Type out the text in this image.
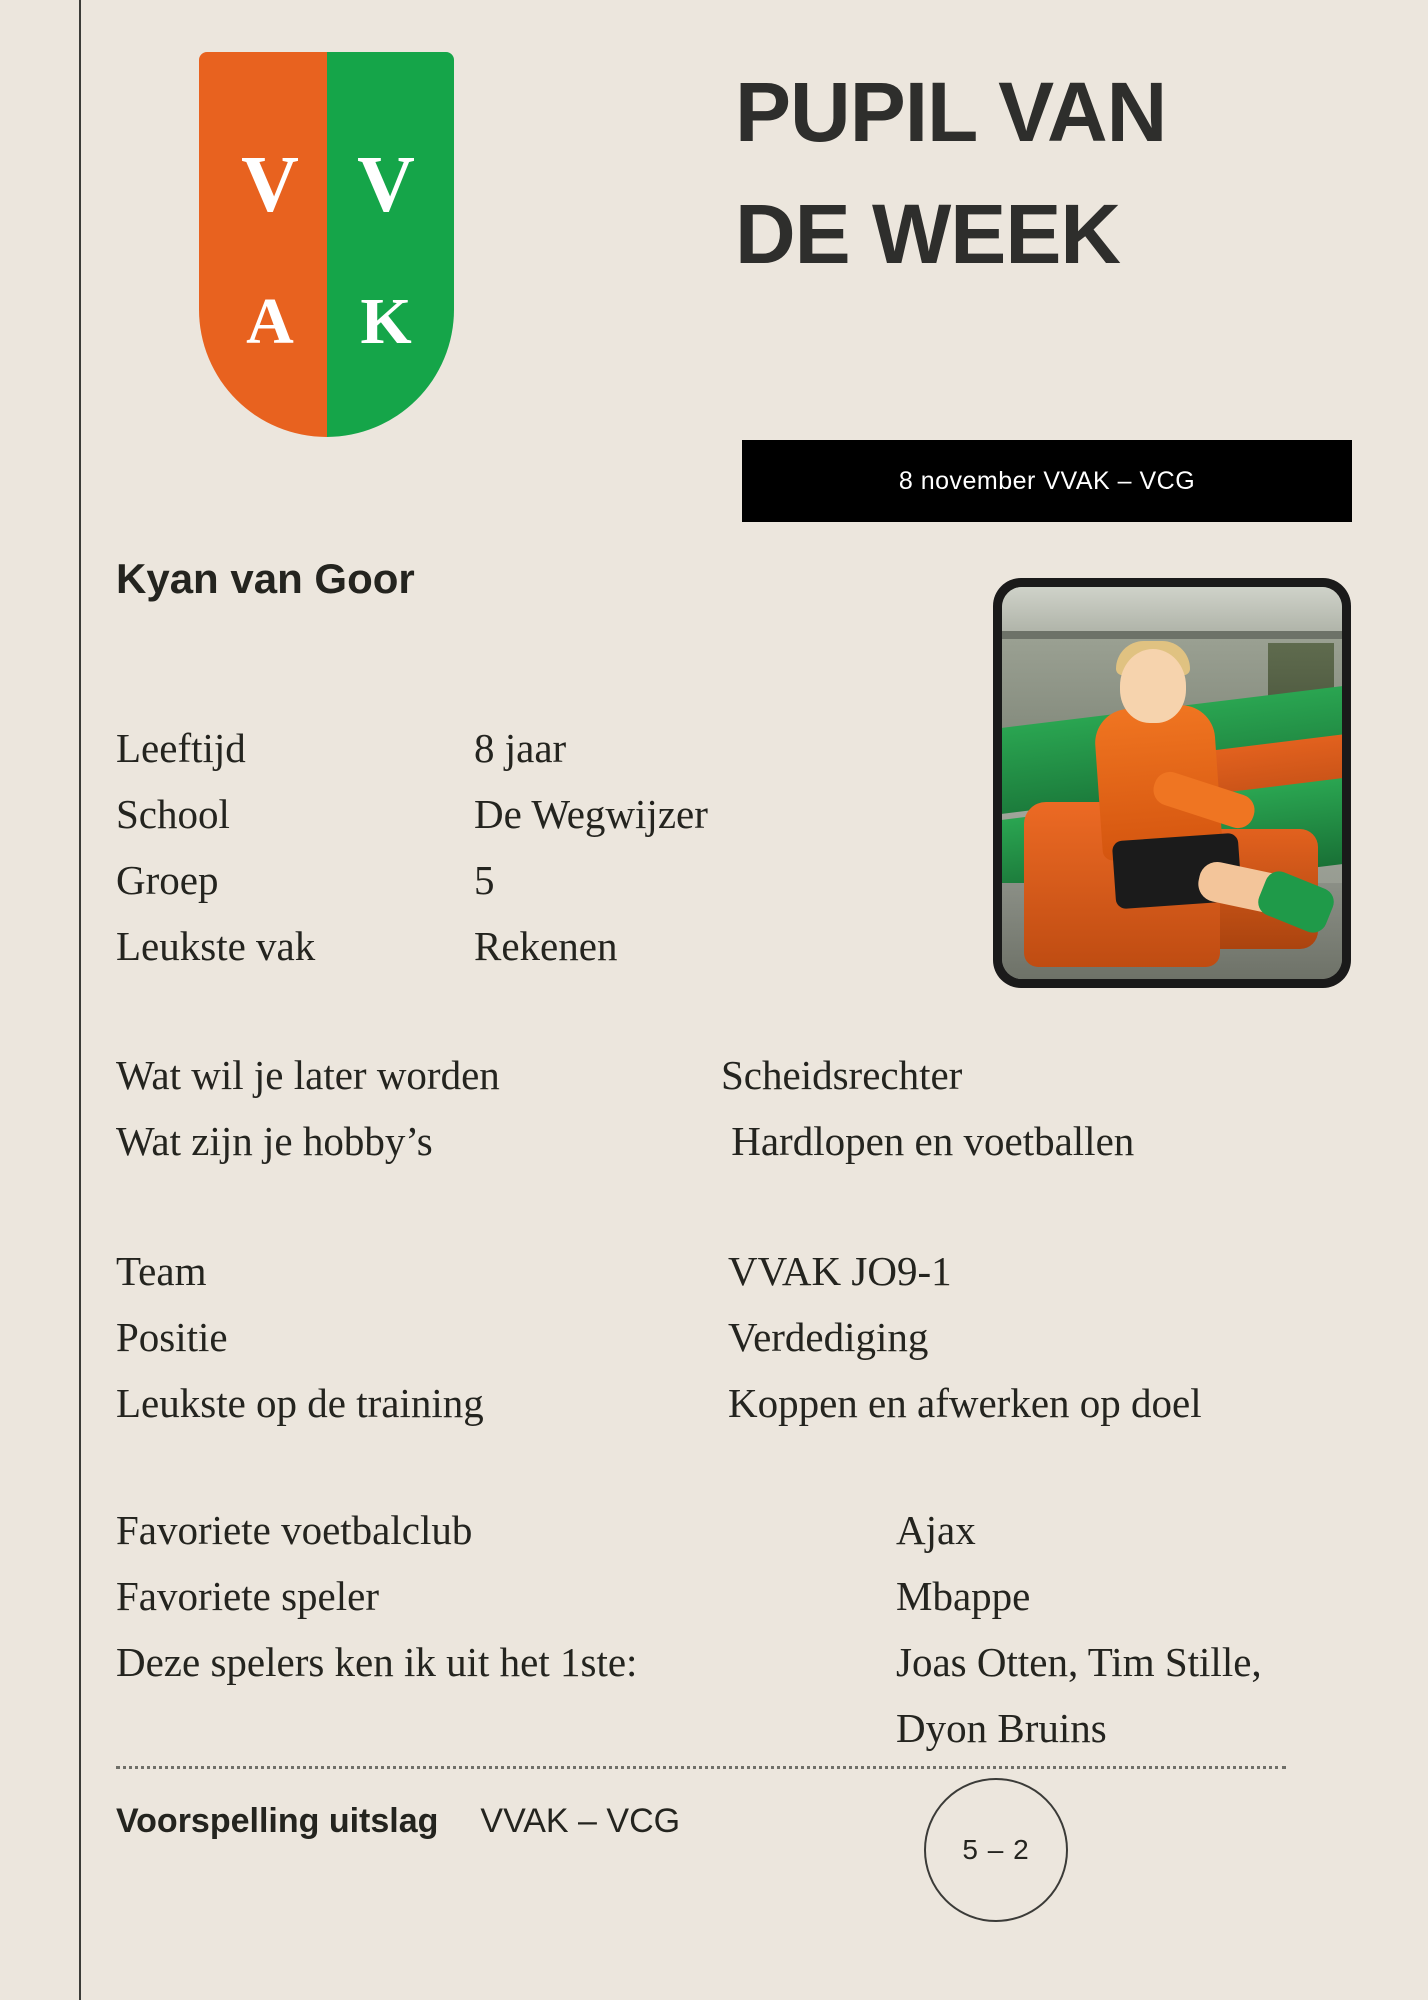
V V
A K
PUPIL VAN
DE WEEK
8 november VVAK – VCG
Kyan van Goor
Leeftijd	8 jaar
School	De Wegwijzer
Groep	5
Leukste vak	Rekenen
Wat wil je later worden	Scheidsrechter
Wat zijn je hobby’s	Hardlopen en voetballen
Team	VVAK JO9-1
Positie	Verdediging
Leukste op de training	Koppen en afwerken op doel
Favoriete voetbalclub	Ajax
Favoriete speler	Mbappe
Deze spelers ken ik uit het 1ste:	Joas Otten, Tim Stille,
Dyon Bruins
Voorspelling uitslag VVAK – VCG
5 – 2
